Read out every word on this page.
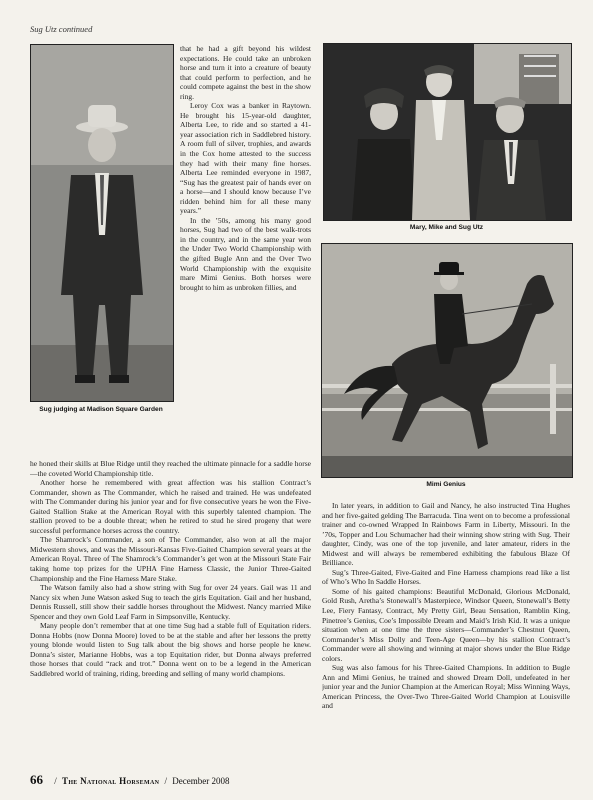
Sug Utz continued
Sug judging at Madison Square Garden
Mary, Mike and Sug Utz
Mimi Genius

that he had a gift beyond his wildest expectations. He could take an unbroken horse and turn it into a creature of beauty that could perform to perfection, and he could compete against the best in the show ring.

Leroy Cox was a banker in Raytown. He brought his 15-year-old daughter, Alberta Lee, to ride and so started a 41-year association rich in Saddlebred history. A room full of silver, trophies, and awards in the Cox home attested to the success they had with their many fine horses. Alberta Lee reminded everyone in 1987, “Sug has the greatest pair of hands ever on a horse—and I should know because I’ve ridden behind him for all these many years.”

In the ’50s, among his many good horses, Sug had two of the best walk-trots in the country, and in the same year won the Under Two World Championship with the gifted Bugle Ann and the Over Two World Championship with the exquisite mare Mimi Genius. Both horses were brought to him as unbroken fillies, and

he honed their skills at Blue Ridge until they reached the ultimate pinnacle for a saddle horse—the coveted World Championship title.

Another horse he remembered with great affection was his stallion Contract’s Commander, shown as The Commander, which he raised and trained. He was undefeated with The Commander during his junior year and for five consecutive years he won the Five-Gaited Stallion Stake at the American Royal with this superbly talented champion. The stallion proved to be a double threat; when he retired to stud he sired progeny that were successful performance horses across the country.

The Shamrock’s Commander, a son of The Commander, also won at all the major Midwestern shows, and was the Missouri-Kansas Five-Gaited Champion several years at the American Royal. Three of The Shamrock’s Commander’s get won at the Missouri State Fair taking home top prizes for the UPHA Fine Harness Classic, the Junior Three-Gaited Championship and the Fine Harness Mare Stake.

The Watson family also had a show string with Sug for over 24 years. Gail was 11 and Nancy six when June Watson asked Sug to teach the girls Equitation. Gail and her husband, Dennis Russell, still show their saddle horses throughout the Midwest. Nancy married Mike Spencer and they own Gold Leaf Farm in Simpsonville, Kentucky.

Many people don’t remember that at one time Sug had a stable full of Equitation riders. Donna Hobbs (now Donna Moore) loved to be at the stable and after her lessons the pretty young blonde would listen to Sug talk about the big shows and horse people he knew. Donna’s sister, Marianne Hobbs, was a top Equitation rider, but Donna always preferred those horses that could “rack and trot.” Donna went on to be a legend in the American Saddlebred world of training, riding, breeding and selling of many world champions.

In later years, in addition to Gail and Nancy, he also instructed Tina Hughes and her five-gaited gelding The Barracuda. Tina went on to become a professional trainer and co-owned Wrapped In Rainbows Farm in Liberty, Missouri. In the ’70s, Topper and Lou Schumacher had their winning show string with Sug. Their daughter, Cindy, was one of the top juvenile, and later amateur, riders in the Midwest and will always be remembered exhibiting the fabulous Blaze Of Brilliance.

Sug’s Three-Gaited, Five-Gaited and Fine Harness champions read like a list of Who’s Who In Saddle Horses.

Some of his gaited champions: Beautiful McDonald, Glorious McDonald, Gold Rush, Aretha’s Stonewall’s Masterpiece, Windsor Queen, Stonewall’s Betty Lee, Fiery Fantasy, Contract, My Pretty Girl, Beau Sensation, Ramblin King, Pinetree’s Genius, Coe’s Impossible Dream and Maid’s Irish Kid. It was a unique situation when at one time the three sisters—Commander’s Chestnut Queen, Commander’s Miss Dolly and Teen-Age Queen—by his stallion Contract’s Commander were all showing and winning at major shows under the Blue Ridge colors.

Sug was also famous for his Three-Gaited Champions. In addition to Bugle Ann and Mimi Genius, he trained and showed Dream Doll, undefeated in her junior year and the Junior Champion at the American Royal; Miss Winning Ways, American Princess, the Over-Two Three-Gaited World Champion at Louisville and

66 / The National Horseman / December 2008
